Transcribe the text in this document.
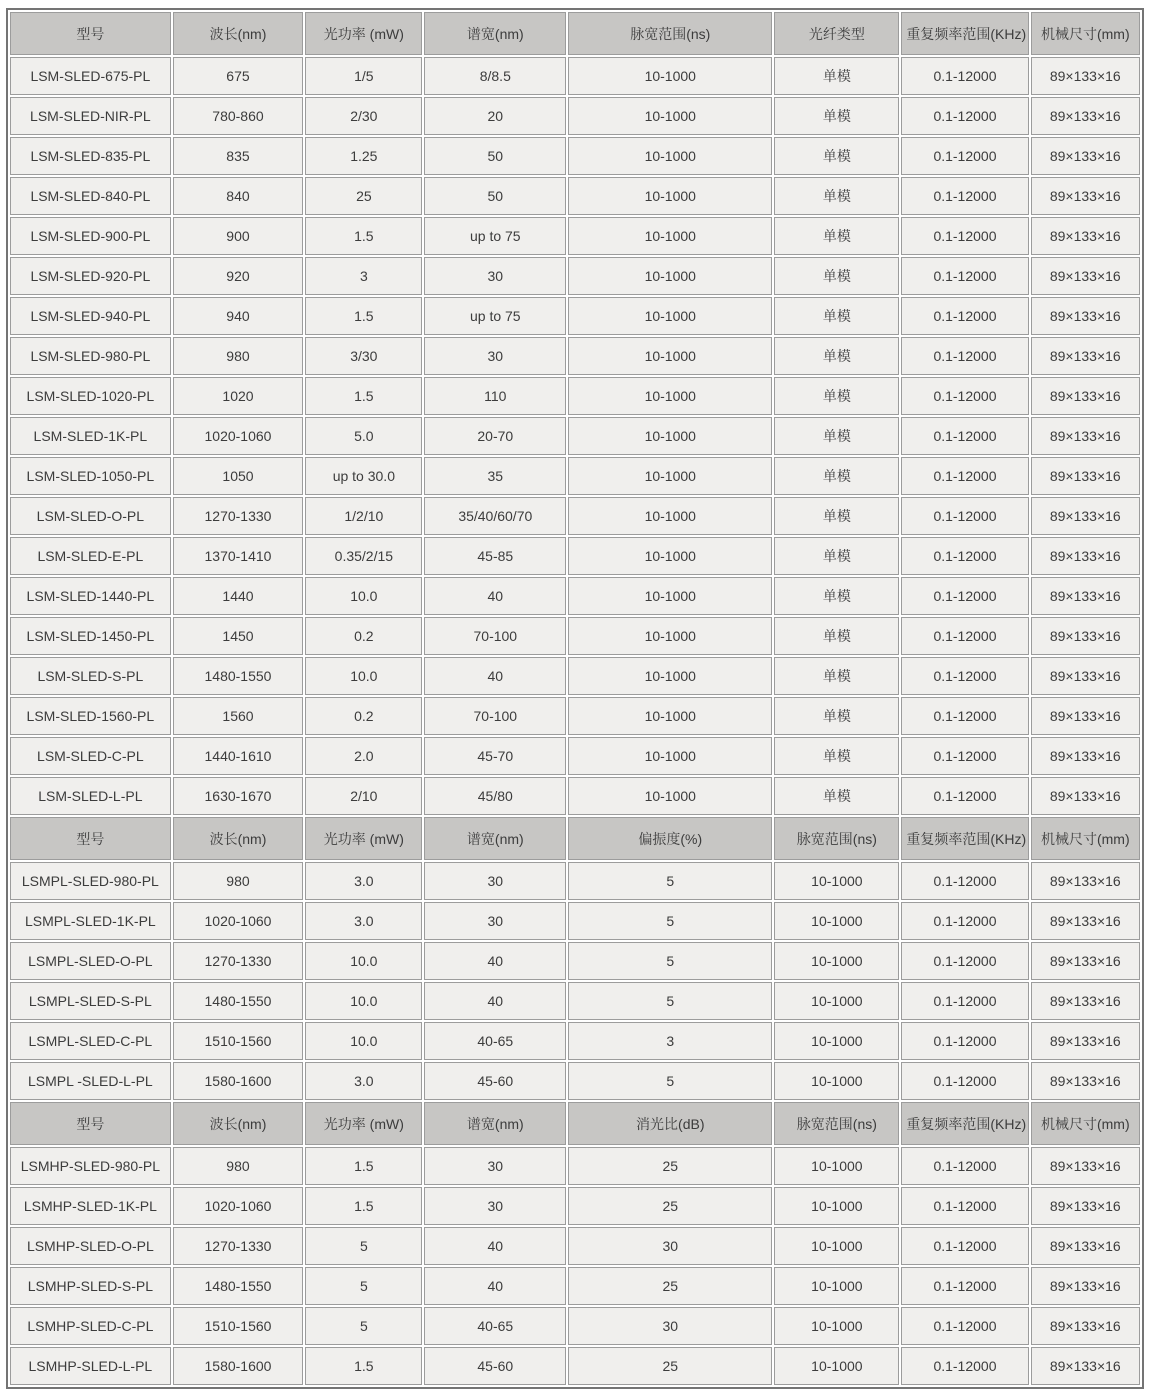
型号	波长(nm)	光功率 (mW)	谱宽(nm)	脉宽范围(ns)	光纤类型	重复频率范围(KHz)	机械尺寸(mm)
LSM-SLED-675-PL	675	1/5	8/8.5	10-1000	单模	0.1-12000	89×133×16
LSM-SLED-NIR-PL	780-860	2/30	20	10-1000	单模	0.1-12000	89×133×16
LSM-SLED-835-PL	835	1.25	50	10-1000	单模	0.1-12000	89×133×16
LSM-SLED-840-PL	840	25	50	10-1000	单模	0.1-12000	89×133×16
LSM-SLED-900-PL	900	1.5	up to 75	10-1000	单模	0.1-12000	89×133×16
LSM-SLED-920-PL	920	3	30	10-1000	单模	0.1-12000	89×133×16
LSM-SLED-940-PL	940	1.5	up to 75	10-1000	单模	0.1-12000	89×133×16
LSM-SLED-980-PL	980	3/30	30	10-1000	单模	0.1-12000	89×133×16
LSM-SLED-1020-PL	1020	1.5	110	10-1000	单模	0.1-12000	89×133×16
LSM-SLED-1K-PL	1020-1060	5.0	20-70	10-1000	单模	0.1-12000	89×133×16
LSM-SLED-1050-PL	1050	up to 30.0	35	10-1000	单模	0.1-12000	89×133×16
LSM-SLED-O-PL	1270-1330	1/2/10	35/40/60/70	10-1000	单模	0.1-12000	89×133×16
LSM-SLED-E-PL	1370-1410	0.35/2/15	45-85	10-1000	单模	0.1-12000	89×133×16
LSM-SLED-1440-PL	1440	10.0	40	10-1000	单模	0.1-12000	89×133×16
LSM-SLED-1450-PL	1450	0.2	70-100	10-1000	单模	0.1-12000	89×133×16
LSM-SLED-S-PL	1480-1550	10.0	40	10-1000	单模	0.1-12000	89×133×16
LSM-SLED-1560-PL	1560	0.2	70-100	10-1000	单模	0.1-12000	89×133×16
LSM-SLED-C-PL	1440-1610	2.0	45-70	10-1000	单模	0.1-12000	89×133×16
LSM-SLED-L-PL	1630-1670	2/10	45/80	10-1000	单模	0.1-12000	89×133×16
型号	波长(nm)	光功率 (mW)	谱宽(nm)	偏振度(%)	脉宽范围(ns)	重复频率范围(KHz)	机械尺寸(mm)
LSMPL-SLED-980-PL	980	3.0	30	5	10-1000	0.1-12000	89×133×16
LSMPL-SLED-1K-PL	1020-1060	3.0	30	5	10-1000	0.1-12000	89×133×16
LSMPL-SLED-O-PL	1270-1330	10.0	40	5	10-1000	0.1-12000	89×133×16
LSMPL-SLED-S-PL	1480-1550	10.0	40	5	10-1000	0.1-12000	89×133×16
LSMPL-SLED-C-PL	1510-1560	10.0	40-65	3	10-1000	0.1-12000	89×133×16
LSMPL -SLED-L-PL	1580-1600	3.0	45-60	5	10-1000	0.1-12000	89×133×16
型号	波长(nm)	光功率 (mW)	谱宽(nm)	消光比(dB)	脉宽范围(ns)	重复频率范围(KHz)	机械尺寸(mm)
LSMHP-SLED-980-PL	980	1.5	30	25	10-1000	0.1-12000	89×133×16
LSMHP-SLED-1K-PL	1020-1060	1.5	30	25	10-1000	0.1-12000	89×133×16
LSMHP-SLED-O-PL	1270-1330	5	40	30	10-1000	0.1-12000	89×133×16
LSMHP-SLED-S-PL	1480-1550	5	40	25	10-1000	0.1-12000	89×133×16
LSMHP-SLED-C-PL	1510-1560	5	40-65	30	10-1000	0.1-12000	89×133×16
LSMHP-SLED-L-PL	1580-1600	1.5	45-60	25	10-1000	0.1-12000	89×133×16
